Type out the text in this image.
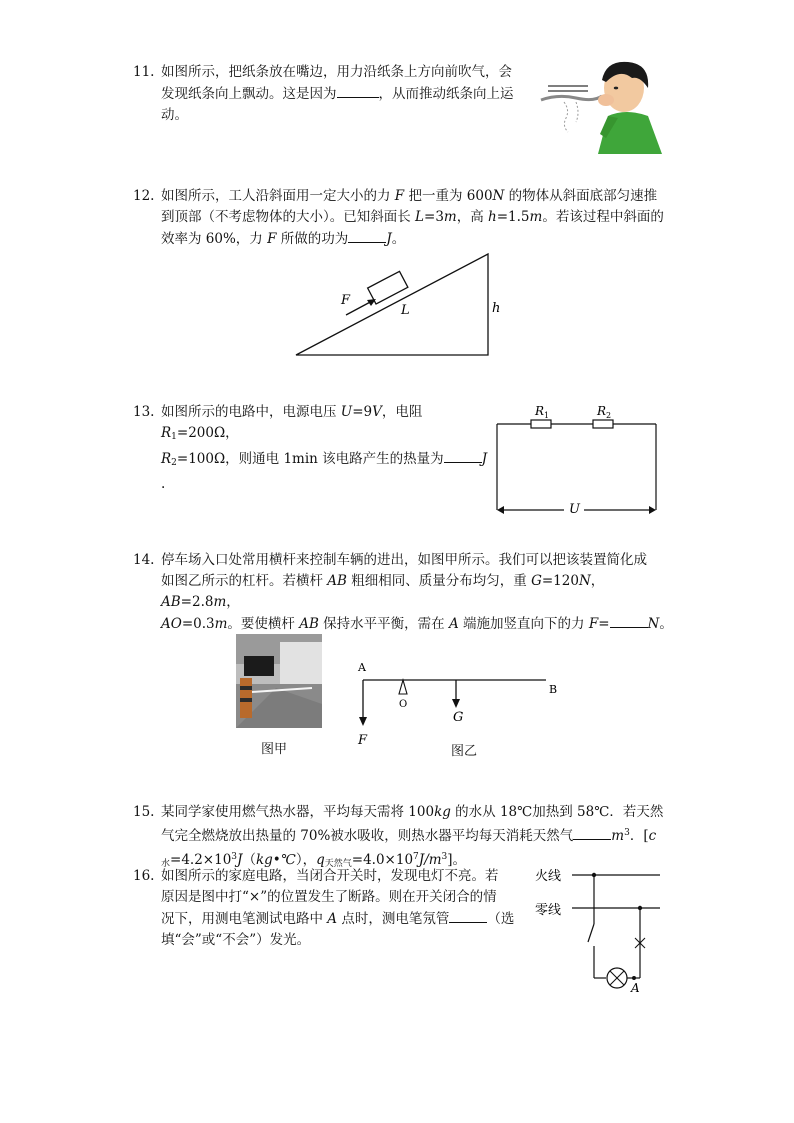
11. 如图所示，把纸条放在嘴边，用力沿纸条上方向前吹气，会
发现纸条向上飘动。这是因为	，从而推动纸条向上运
动。
12. 如图所示，工人沿斜面用一定大小的力 F 把一重为 600N 的物体从斜面底部匀速推
到顶部（不考虑物体的大小）。已知斜面长 L=3m，高 h=1.5m。若该过程中斜面的
效率为 60%，力 F 所做的功为	J。
F
L	h
13. 如图所示的电路中，电源电压 U=9V，电阻 $R_1=200\Omega$，
$R_2=100\Omega$，则通电 1min 该电路产生的热量为	J
.
$R_1$	$R_2$
U
14. 停车场入口处常用横杆来控制车辆的进出，如图甲所示。我们可以把该装置简化成
如图乙所示的杠杆。若横杆 AB 粗细相同、质量分布均匀，重 G=120N，AB=2.8m，
AO=0.3m。要使横杆 AB 保持水平平衡，需在 A 端施加竖直向下的力 F=	N。
图甲
A
B
O
G
F
图乙
15. 某同学家使用燃气热水器，平均每天需将 100kg 的水从 18℃加热到 58℃．若天然
气完全燃烧放出热量的 70%被水吸收，则热水器平均每天消耗天然气	$m^3$．[c
$_水=4.2\times 10^3J(kg•℃)$，$q_{天然气}=4.0\times 10^7J/m^3$]。
16. 如图所示的家庭电路，当闭合开关时，发现电灯不亮。若
原因是图中打“×”的位置发生了断路。则在开关闭合的情
况下，用测电笔测试电路中 A 点时，测电笔氖管	（选
填“会”或“不会”）发光。
火线
零线
A
